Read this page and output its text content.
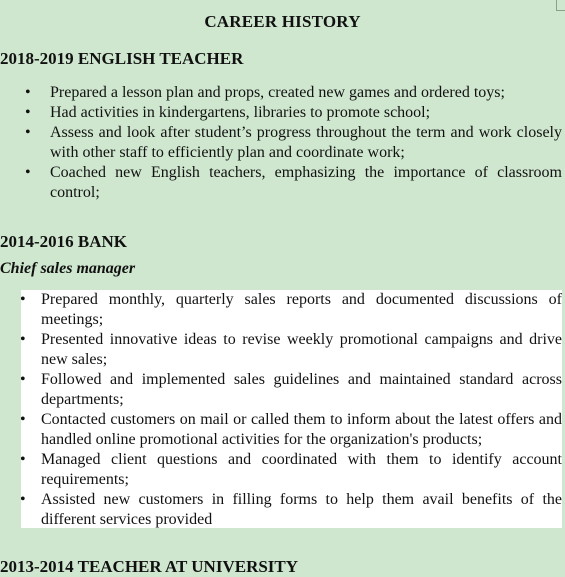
CAREER HISTORY
2018-2019 ENGLISH TEACHER
• Prepared a lesson plan and props, created new games and ordered toys;
• Had activities in kindergartens, libraries to promote school;
• Assess and look after student’s progress throughout the term and work closely with other staff to efficiently plan and coordinate work;
• Coached new English teachers, emphasizing the importance of classroom control;
2014-2016 BANK
Chief sales manager
• Prepared monthly, quarterly sales reports and documented discussions of meetings;
• Presented innovative ideas to revise weekly promotional campaigns and drive new sales;
• Followed and implemented sales guidelines and maintained standard across departments;
• Contacted customers on mail or called them to inform about the latest offers and handled online promotional activities for the organization's products;
• Managed client questions and coordinated with them to identify account requirements;
• Assisted new customers in filling forms to help them avail benefits of the different services provided
2013-2014 TEACHER AT UNIVERSITY
